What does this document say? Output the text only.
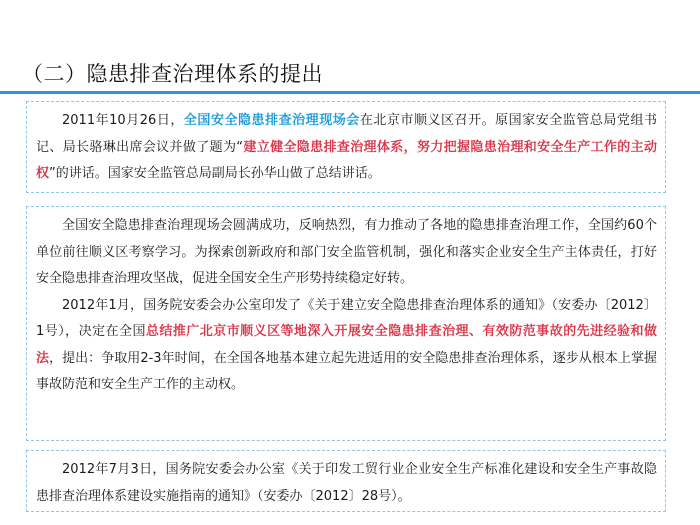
（二）隐患排查治理体系的提出

2011年10月26日，全国安全隐患排查治理现场会在北京市顺义区召开。原国家安全监管总局党组书记、局长骆琳出席会议并做了题为“建立健全隐患排查治理体系，努力把握隐患治理和安全生产工作的主动权”的讲话。国家安全监管总局副局长孙华山做了总结讲话。

全国安全隐患排查治理现场会圆满成功，反响热烈，有力推动了各地的隐患排查治理工作，全国约60个单位前往顺义区考察学习。为探索创新政府和部门安全监管机制，强化和落实企业安全生产主体责任，打好安全隐患排查治理攻坚战，促进全国安全生产形势持续稳定好转。

2012年1月，国务院安委会办公室印发了《关于建立安全隐患排查治理体系的通知》（安委办〔2012〕1号），决定在全国总结推广北京市顺义区等地深入开展安全隐患排查治理、有效防范事故的先进经验和做法，提出：争取用2-3年时间，在全国各地基本建立起先进适用的安全隐患排查治理体系，逐步从根本上掌握事故防范和安全生产工作的主动权。

2012年7月3日，国务院安委会办公室《关于印发工贸行业企业安全生产标准化建设和安全生产事故隐患排查治理体系建设实施指南的通知》（安委办〔2012〕28号）。
